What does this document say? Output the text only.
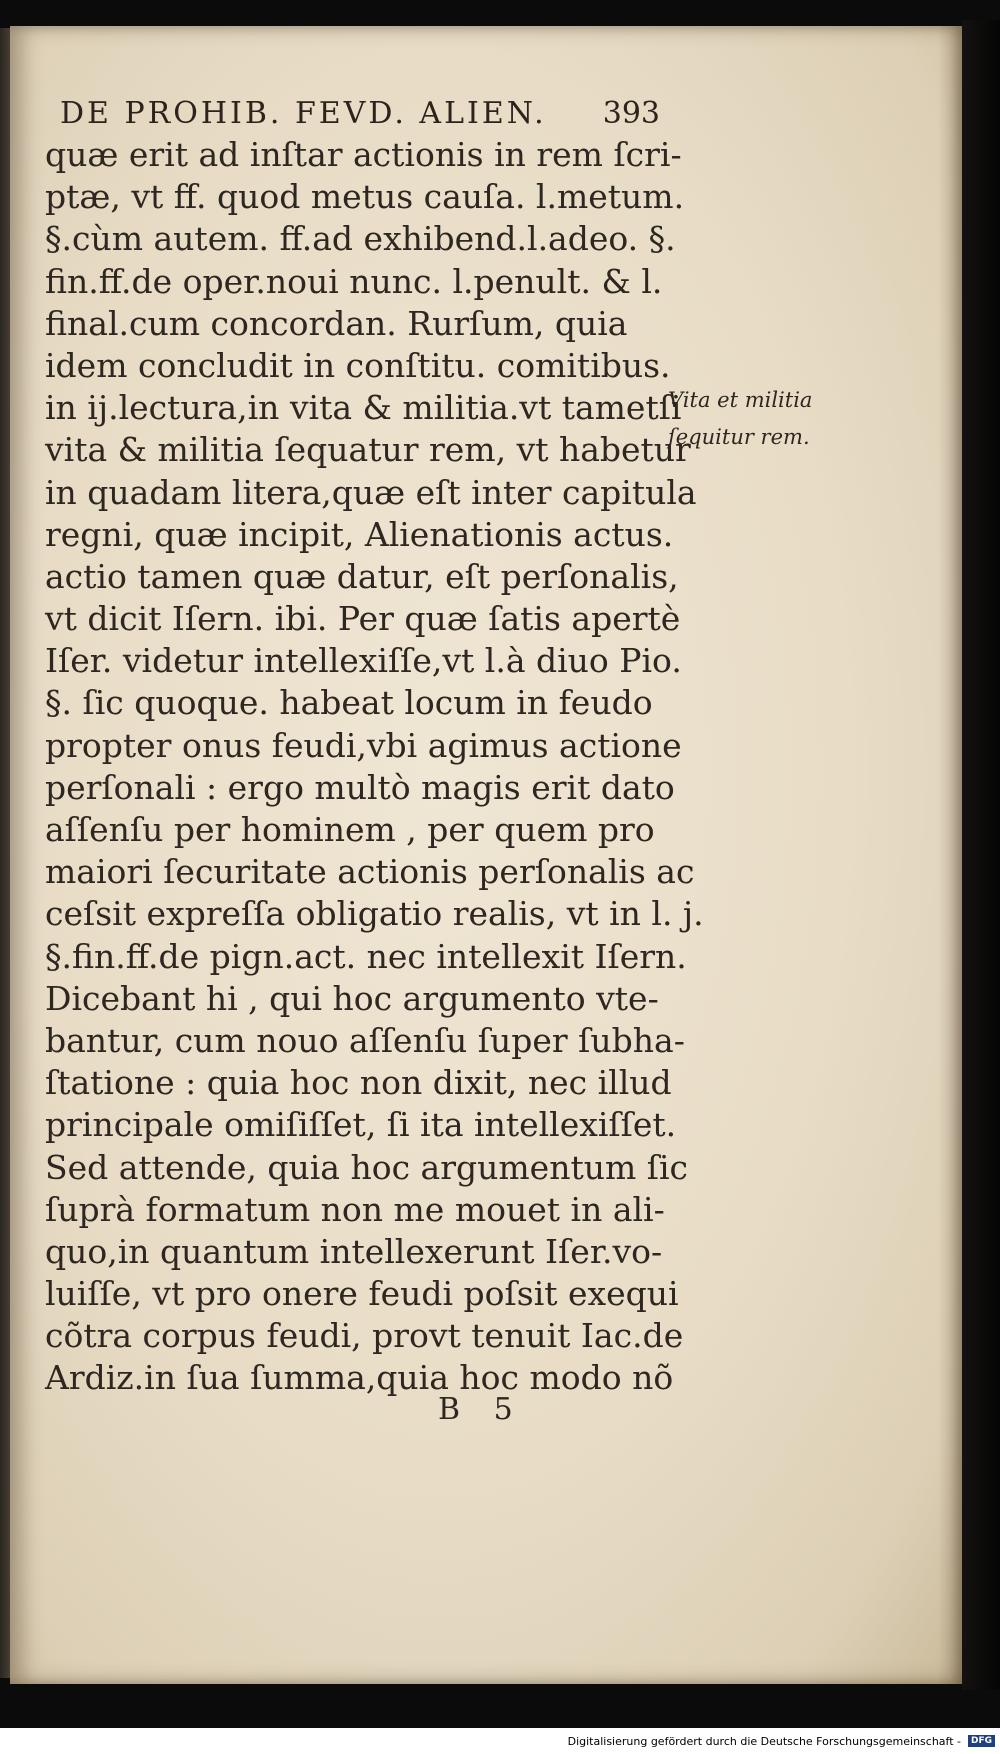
DE PROHIB. FEVD. ALIEN. 393
quæ erit ad inſtar actionis in rem ſcri-
ptæ, vt ff. quod metus cauſa. l.metum.
§.cùm autem. ff.ad exhibend.l.adeo. §.
fin.ff.de oper.noui nunc. l.penult. & l.
final.cum concordan. Rurſum, quia
idem concludit in conſtitu. comitibus.
in ij.lectura,in vita & militia.vt tametſi
vita & militia ſequatur rem, vt habetur
in quadam litera,quæ eſt inter capitula
regni, quæ incipit, Alienationis actus.
actio tamen quæ datur, eſt perſonalis,
vt dicit Iſern. ibi. Per quæ ſatis apertè
Iſer. videtur intellexiſſe,vt l.à diuo Pio.
§. ſic quoque. habeat locum in feudo
propter onus feudi,vbi agimus actione
perſonali : ergo multò magis erit dato
aſſenſu per hominem , per quem pro
maiori ſecuritate actionis perſonalis ac
ceſsit expreſſa obligatio realis, vt in l. j.
§.fin.ff.de pign.act. nec intellexit Iſern.
Dicebant hi , qui hoc argumento vte-
bantur, cum nouo aſſenſu ſuper ſubha-
ſtatione : quia hoc non dixit, nec illud
principale omiſiſſet, ſi ita intellexiſſet.
Sed attende, quia hoc argumentum ſic
ſuprà formatum non me mouet in ali-
quo,in quantum intellexerunt Iſer.vo-
luiſſe, vt pro onere feudi poſsit exequi
cõtra corpus feudi, provt tenuit Iac.de
Ardiz.in ſua ſumma,quia hoc modo nõ
Vita et militia
ſequitur rem.
B 5
Digitalisierung gefördert durch die Deutsche Forschungsgemeinschaft -	DFG
